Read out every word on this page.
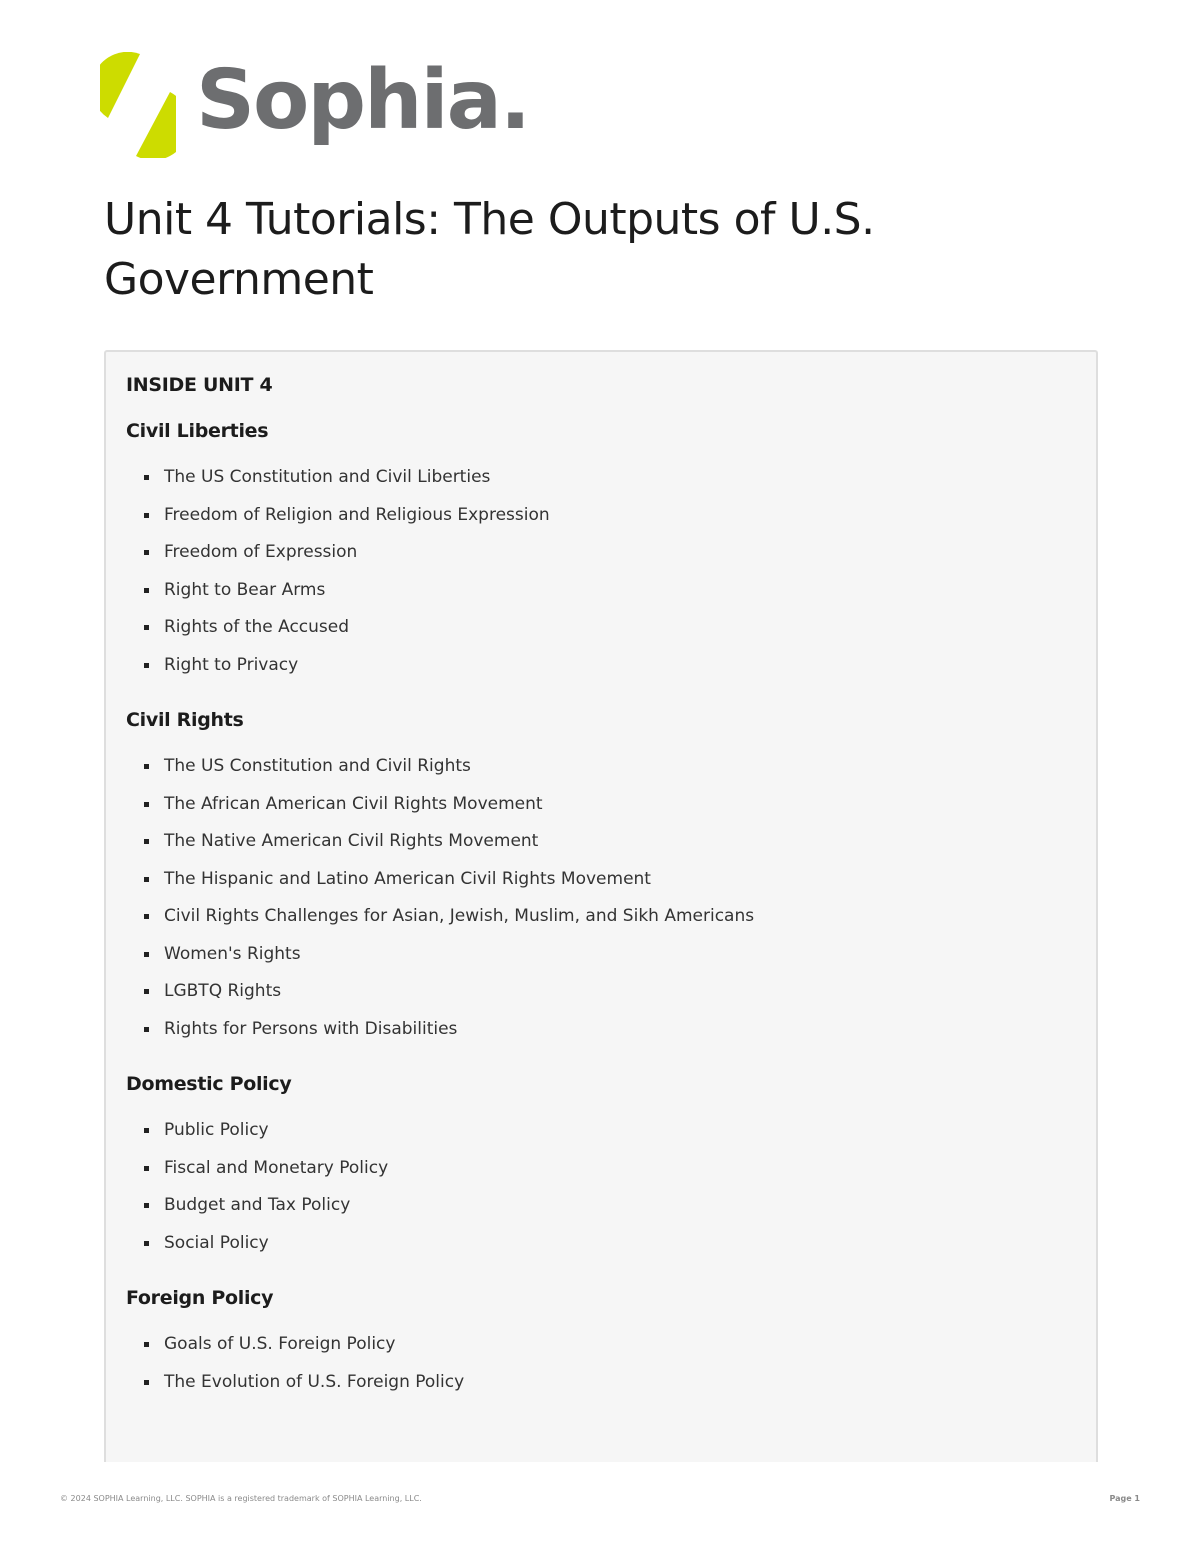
Sophia.
Unit 4 Tutorials: The Outputs of U.S. Government
INSIDE UNIT 4
Civil Liberties
The US Constitution and Civil Liberties
Freedom of Religion and Religious Expression
Freedom of Expression
Right to Bear Arms
Rights of the Accused
Right to Privacy
Civil Rights
The US Constitution and Civil Rights
The African American Civil Rights Movement
The Native American Civil Rights Movement
The Hispanic and Latino American Civil Rights Movement
Civil Rights Challenges for Asian, Jewish, Muslim, and Sikh Americans
Women's Rights
LGBTQ Rights
Rights for Persons with Disabilities
Domestic Policy
Public Policy
Fiscal and Monetary Policy
Budget and Tax Policy
Social Policy
Foreign Policy
Goals of U.S. Foreign Policy
The Evolution of U.S. Foreign Policy
© 2024 SOPHIA Learning, LLC. SOPHIA is a registered trademark of SOPHIA Learning, LLC.	Page 1
